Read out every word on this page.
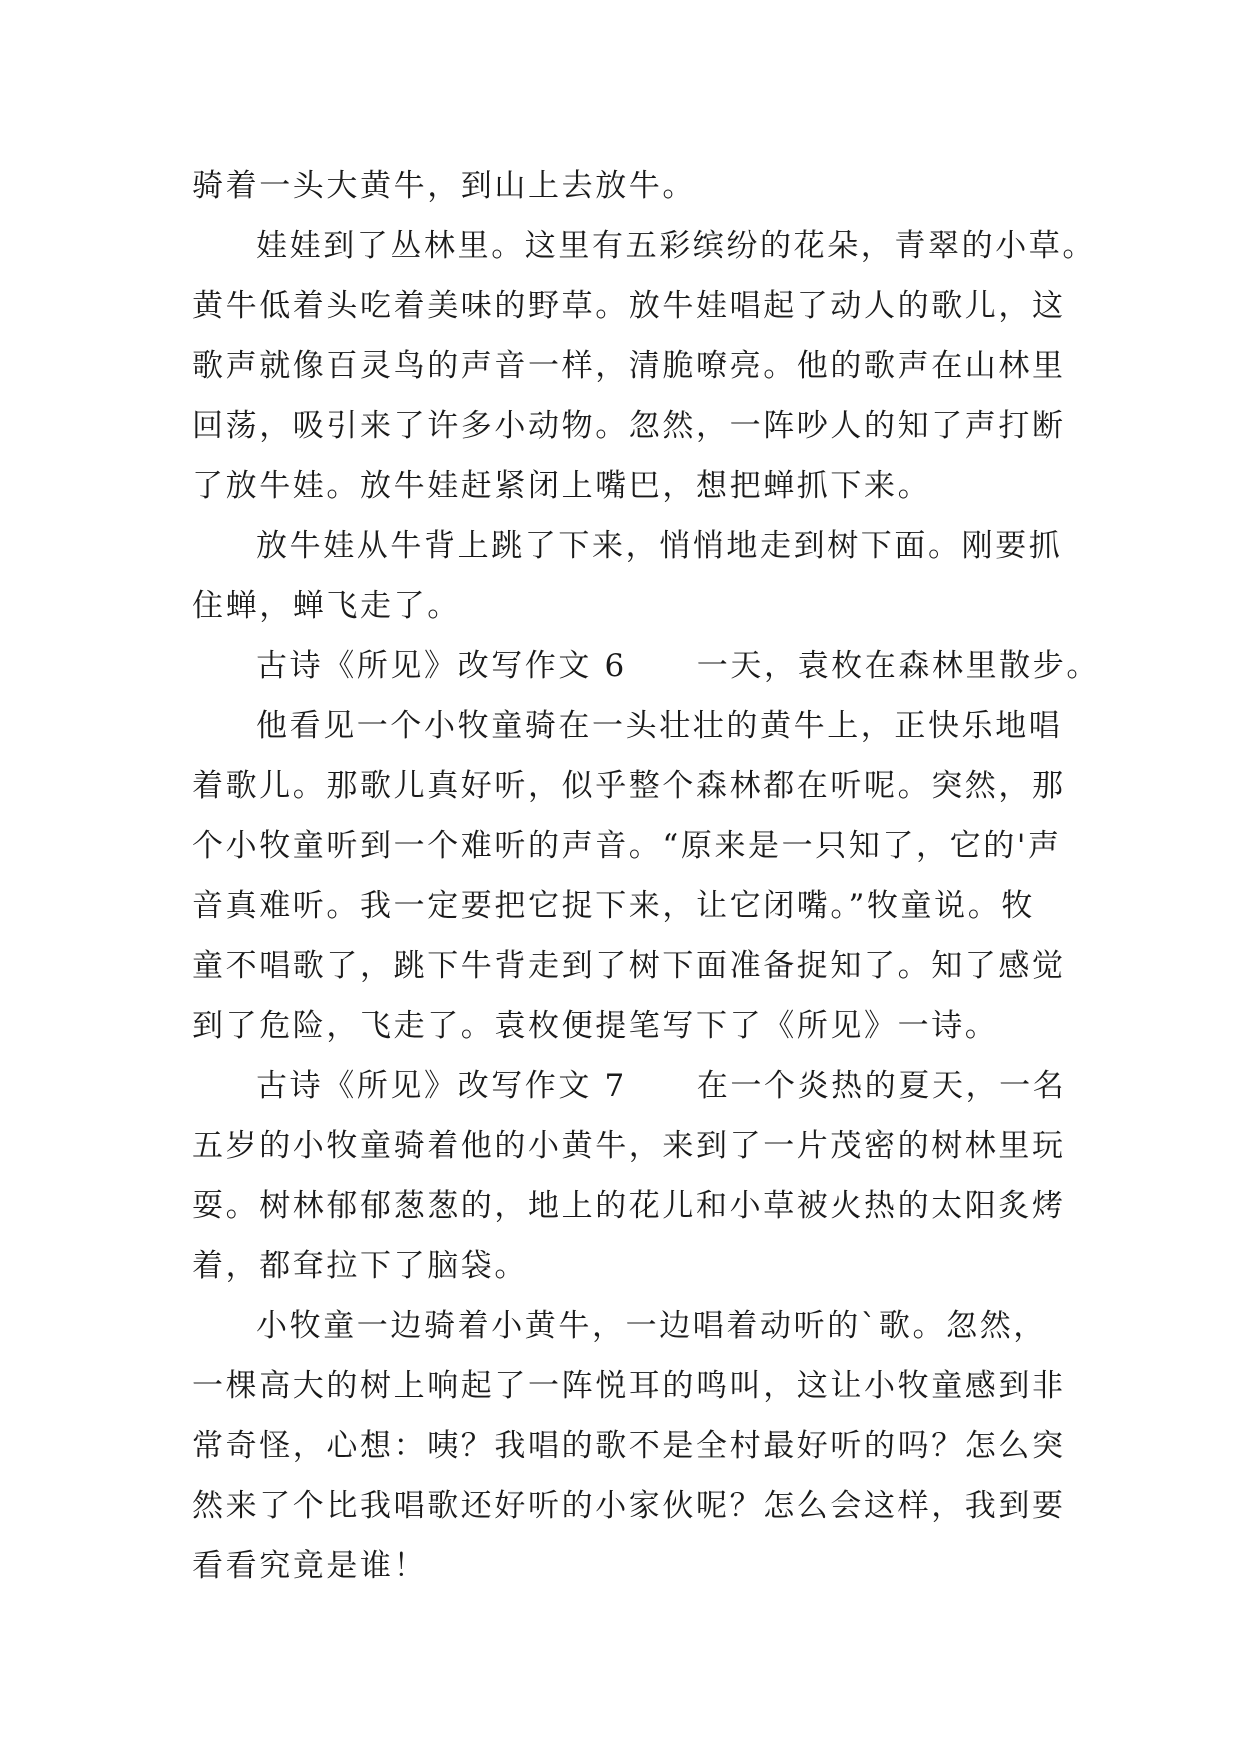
骑着一头大黄牛，到山上去放牛。
娃娃到了丛林里。这里有五彩缤纷的花朵，青翠的小草。
黄牛低着头吃着美味的野草。放牛娃唱起了动人的歌儿，这
歌声就像百灵鸟的声音一样，清脆嘹亮。他的歌声在山林里
回荡，吸引来了许多小动物。忽然，一阵吵人的知了声打断
了放牛娃。放牛娃赶紧闭上嘴巴，想把蝉抓下来。
放牛娃从牛背上跳了下来，悄悄地走到树下面。刚要抓
住蝉，蝉飞走了。
古诗《所见》改写作文 6 一天，袁枚在森林里散步。
他看见一个小牧童骑在一头壮壮的黄牛上，正快乐地唱
着歌儿。那歌儿真好听，似乎整个森林都在听呢。突然，那
个小牧童听到一个难听的声音。“原来是一只知了，它的'声
音真难听。我一定要把它捉下来，让它闭嘴。”牧童说。牧
童不唱歌了，跳下牛背走到了树下面准备捉知了。知了感觉
到了危险，飞走了。袁枚便提笔写下了《所见》一诗。
古诗《所见》改写作文 7 在一个炎热的夏天，一名
五岁的小牧童骑着他的小黄牛，来到了一片茂密的树林里玩
耍。树林郁郁葱葱的，地上的花儿和小草被火热的太阳炙烤
着，都耷拉下了脑袋。
小牧童一边骑着小黄牛，一边唱着动听的`歌。忽然，
一棵高大的树上响起了一阵悦耳的鸣叫，这让小牧童感到非
常奇怪，心想：咦？我唱的歌不是全村最好听的吗？怎么突
然来了个比我唱歌还好听的小家伙呢？怎么会这样，我到要
看看究竟是谁！
